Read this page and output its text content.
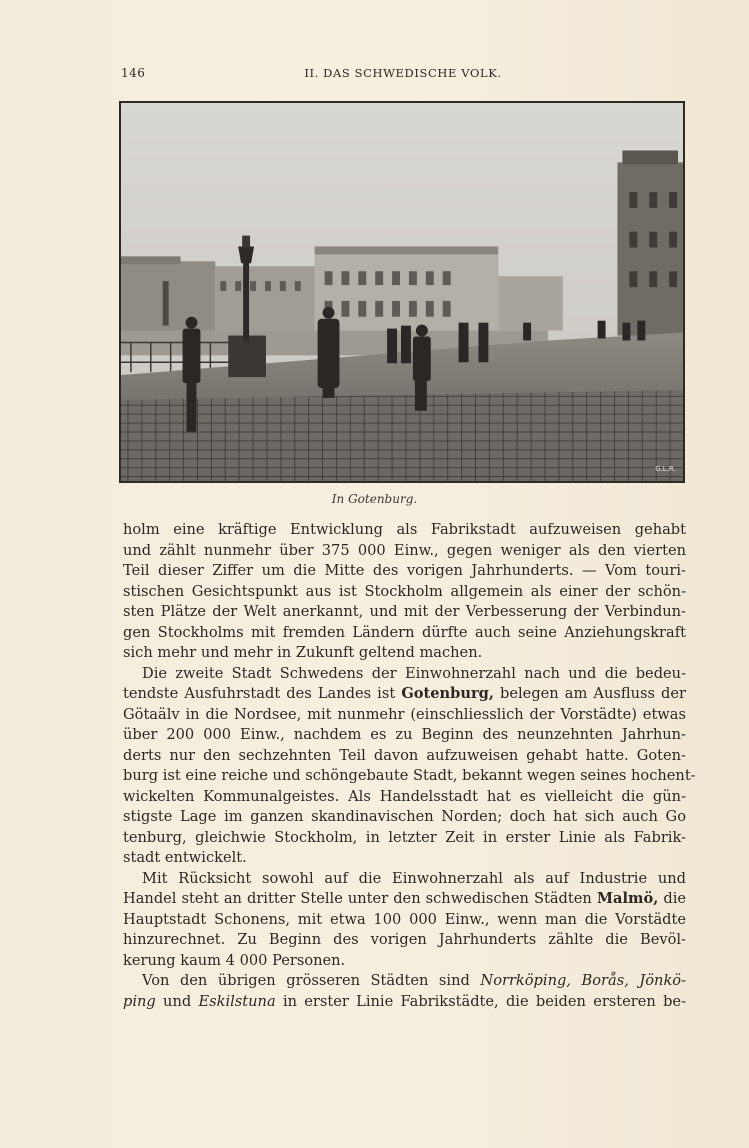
146	II. DAS SCHWEDISCHE VOLK.
G.L.R.
In Gotenburg.
holm eine kräftige Entwicklung als Fabrikstadt aufzuweisen gehabt
und zählt nunmehr über 375 000 Einw., gegen weniger als den vierten
Teil dieser Ziffer um die Mitte des vorigen Jahrhunderts. — Vom touri-
stischen Gesichtspunkt aus ist Stockholm allgemein als einer der schön-
sten Plätze der Welt anerkannt, und mit der Verbesserung der Verbindun-
gen Stockholms mit fremden Ländern dürfte auch seine Anziehungskraft
sich mehr und mehr in Zukunft geltend machen.
Die zweite Stadt Schwedens der Einwohnerzahl nach und die bedeu-
tendste Ausfuhrstadt des Landes ist Gotenburg, belegen am Ausfluss der
Götaälv in die Nordsee, mit nunmehr (einschliesslich der Vorstädte) etwas
über 200 000 Einw., nachdem es zu Beginn des neunzehnten Jahrhun-
derts nur den sechzehnten Teil davon aufzuweisen gehabt hatte. Goten-
burg ist eine reiche und schöngebaute Stadt, bekannt wegen seines hochent-
wickelten Kommunalgeistes. Als Handelsstadt hat es vielleicht die gün-
stigste Lage im ganzen skandinavischen Norden; doch hat sich auch Go
tenburg, gleichwie Stockholm, in letzter Zeit in erster Linie als Fabrik-
stadt entwickelt.
Mit Rücksicht sowohl auf die Einwohnerzahl als auf Industrie und
Handel steht an dritter Stelle unter den schwedischen Städten Malmö, die
Hauptstadt Schonens, mit etwa 100 000 Einw., wenn man die Vorstädte
hinzurechnet. Zu Beginn des vorigen Jahrhunderts zählte die Bevöl-
kerung kaum 4 000 Personen.
Von den übrigen grösseren Städten sind Norrköping, Borås, Jönkö-
ping und Eskilstuna in erster Linie Fabrikstädte, die beiden ersteren be-
